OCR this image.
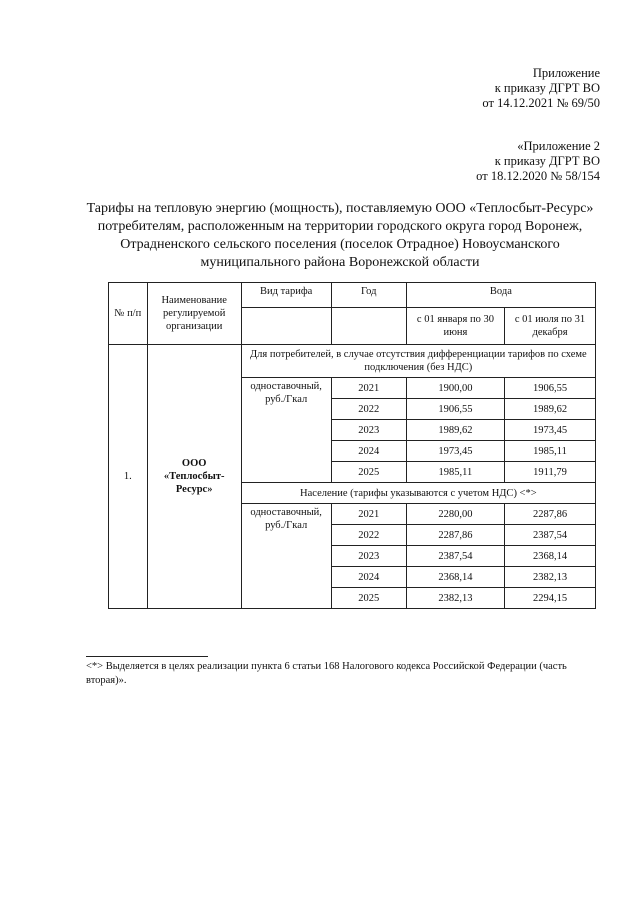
Приложение
к приказу ДГРТ ВО
от 14.12.2021 № 69/50
«Приложение 2
к приказу ДГРТ ВО
от 18.12.2020 № 58/154
Тарифы на тепловую энергию (мощность), поставляемую ООО «Теплосбыт-Ресурс» потребителям, расположенным на территории городского округа город Воронеж, Отрадненского сельского поселения (поселок Отрадное) Новоусманского муниципального района Воронежской области
№ п/п	Наименование регулируемой организации	Вид тарифа	Год	Вода	
				с 01 января по 30 июня	с 01 июля по 31 декабря
1.	ООО «Теплосбыт-Ресурс»	Для потребителей, в случае отсутствия дифференциации тарифов по схеме подключения (без НДС)			
		одноставочный, руб./Гкал	2021	1900,00	1906,55
			2022	1906,55	1989,62
			2023	1989,62	1973,45
			2024	1973,45	1985,11
			2025	1985,11	1911,79
		Население (тарифы указываются с учетом НДС) <*>			
		одноставочный, руб./Гкал	2021	2280,00	2287,86
			2022	2287,86	2387,54
			2023	2387,54	2368,14
			2024	2368,14	2382,13
			2025	2382,13	2294,15
<*> Выделяется в целях реализации пункта 6 статьи 168 Налогового кодекса Российской Федерации (часть вторая)».
